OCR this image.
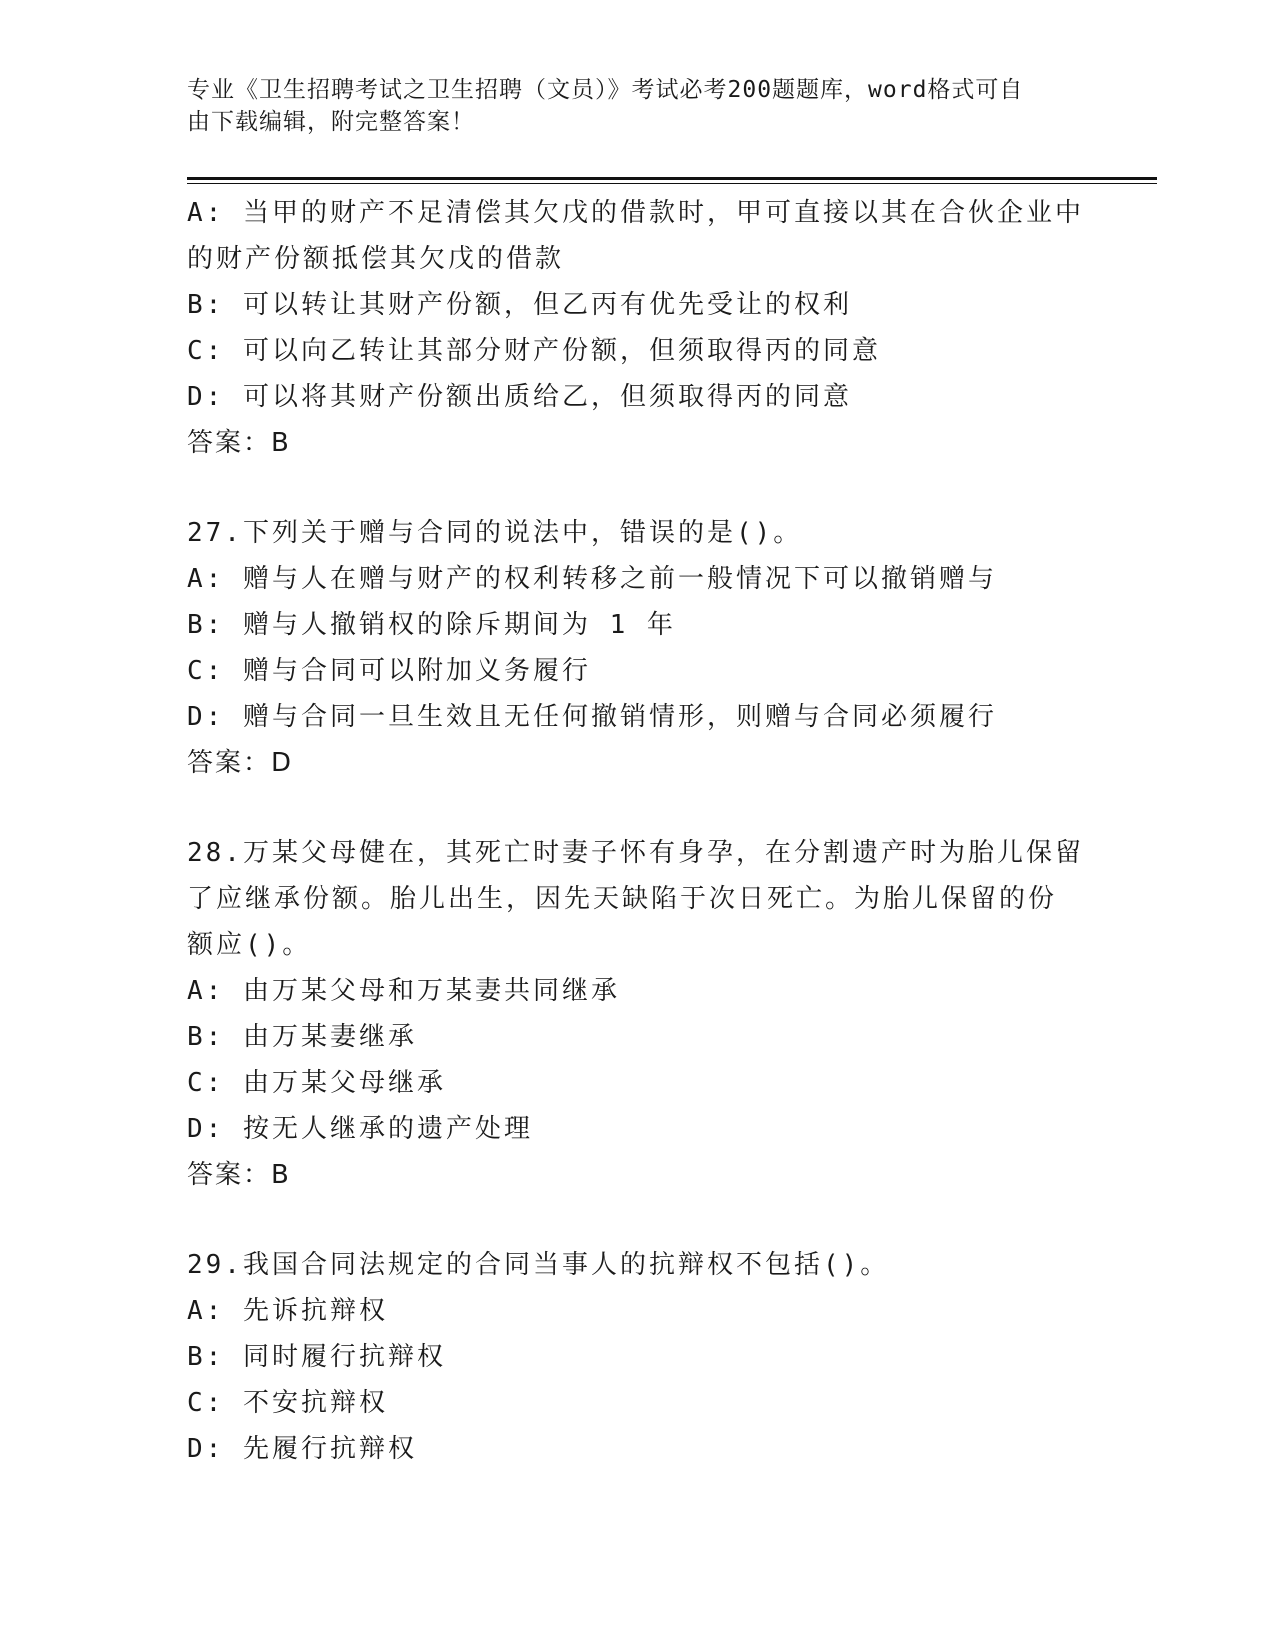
专业《卫生招聘考试之卫生招聘（文员）》考试必考200题题库，word格式可自
由下载编辑，附完整答案！
A: 当甲的财产不足清偿其欠戊的借款时，甲可直接以其在合伙企业中
的财产份额抵偿其欠戊的借款
B: 可以转让其财产份额，但乙丙有优先受让的权利
C: 可以向乙转让其部分财产份额，但须取得丙的同意
D: 可以将其财产份额出质给乙，但须取得丙的同意
答案：B
27.下列关于赠与合同的说法中，错误的是()。
A: 赠与人在赠与财产的权利转移之前一般情况下可以撤销赠与
B: 赠与人撤销权的除斥期间为 1 年
C: 赠与合同可以附加义务履行
D: 赠与合同一旦生效且无任何撤销情形，则赠与合同必须履行
答案：D
28.万某父母健在，其死亡时妻子怀有身孕，在分割遗产时为胎儿保留
了应继承份额。胎儿出生，因先天缺陷于次日死亡。为胎儿保留的份
额应()。
A: 由万某父母和万某妻共同继承
B: 由万某妻继承
C: 由万某父母继承
D: 按无人继承的遗产处理
答案：B
29.我国合同法规定的合同当事人的抗辩权不包括()。
A: 先诉抗辩权
B: 同时履行抗辩权
C: 不安抗辩权
D: 先履行抗辩权
